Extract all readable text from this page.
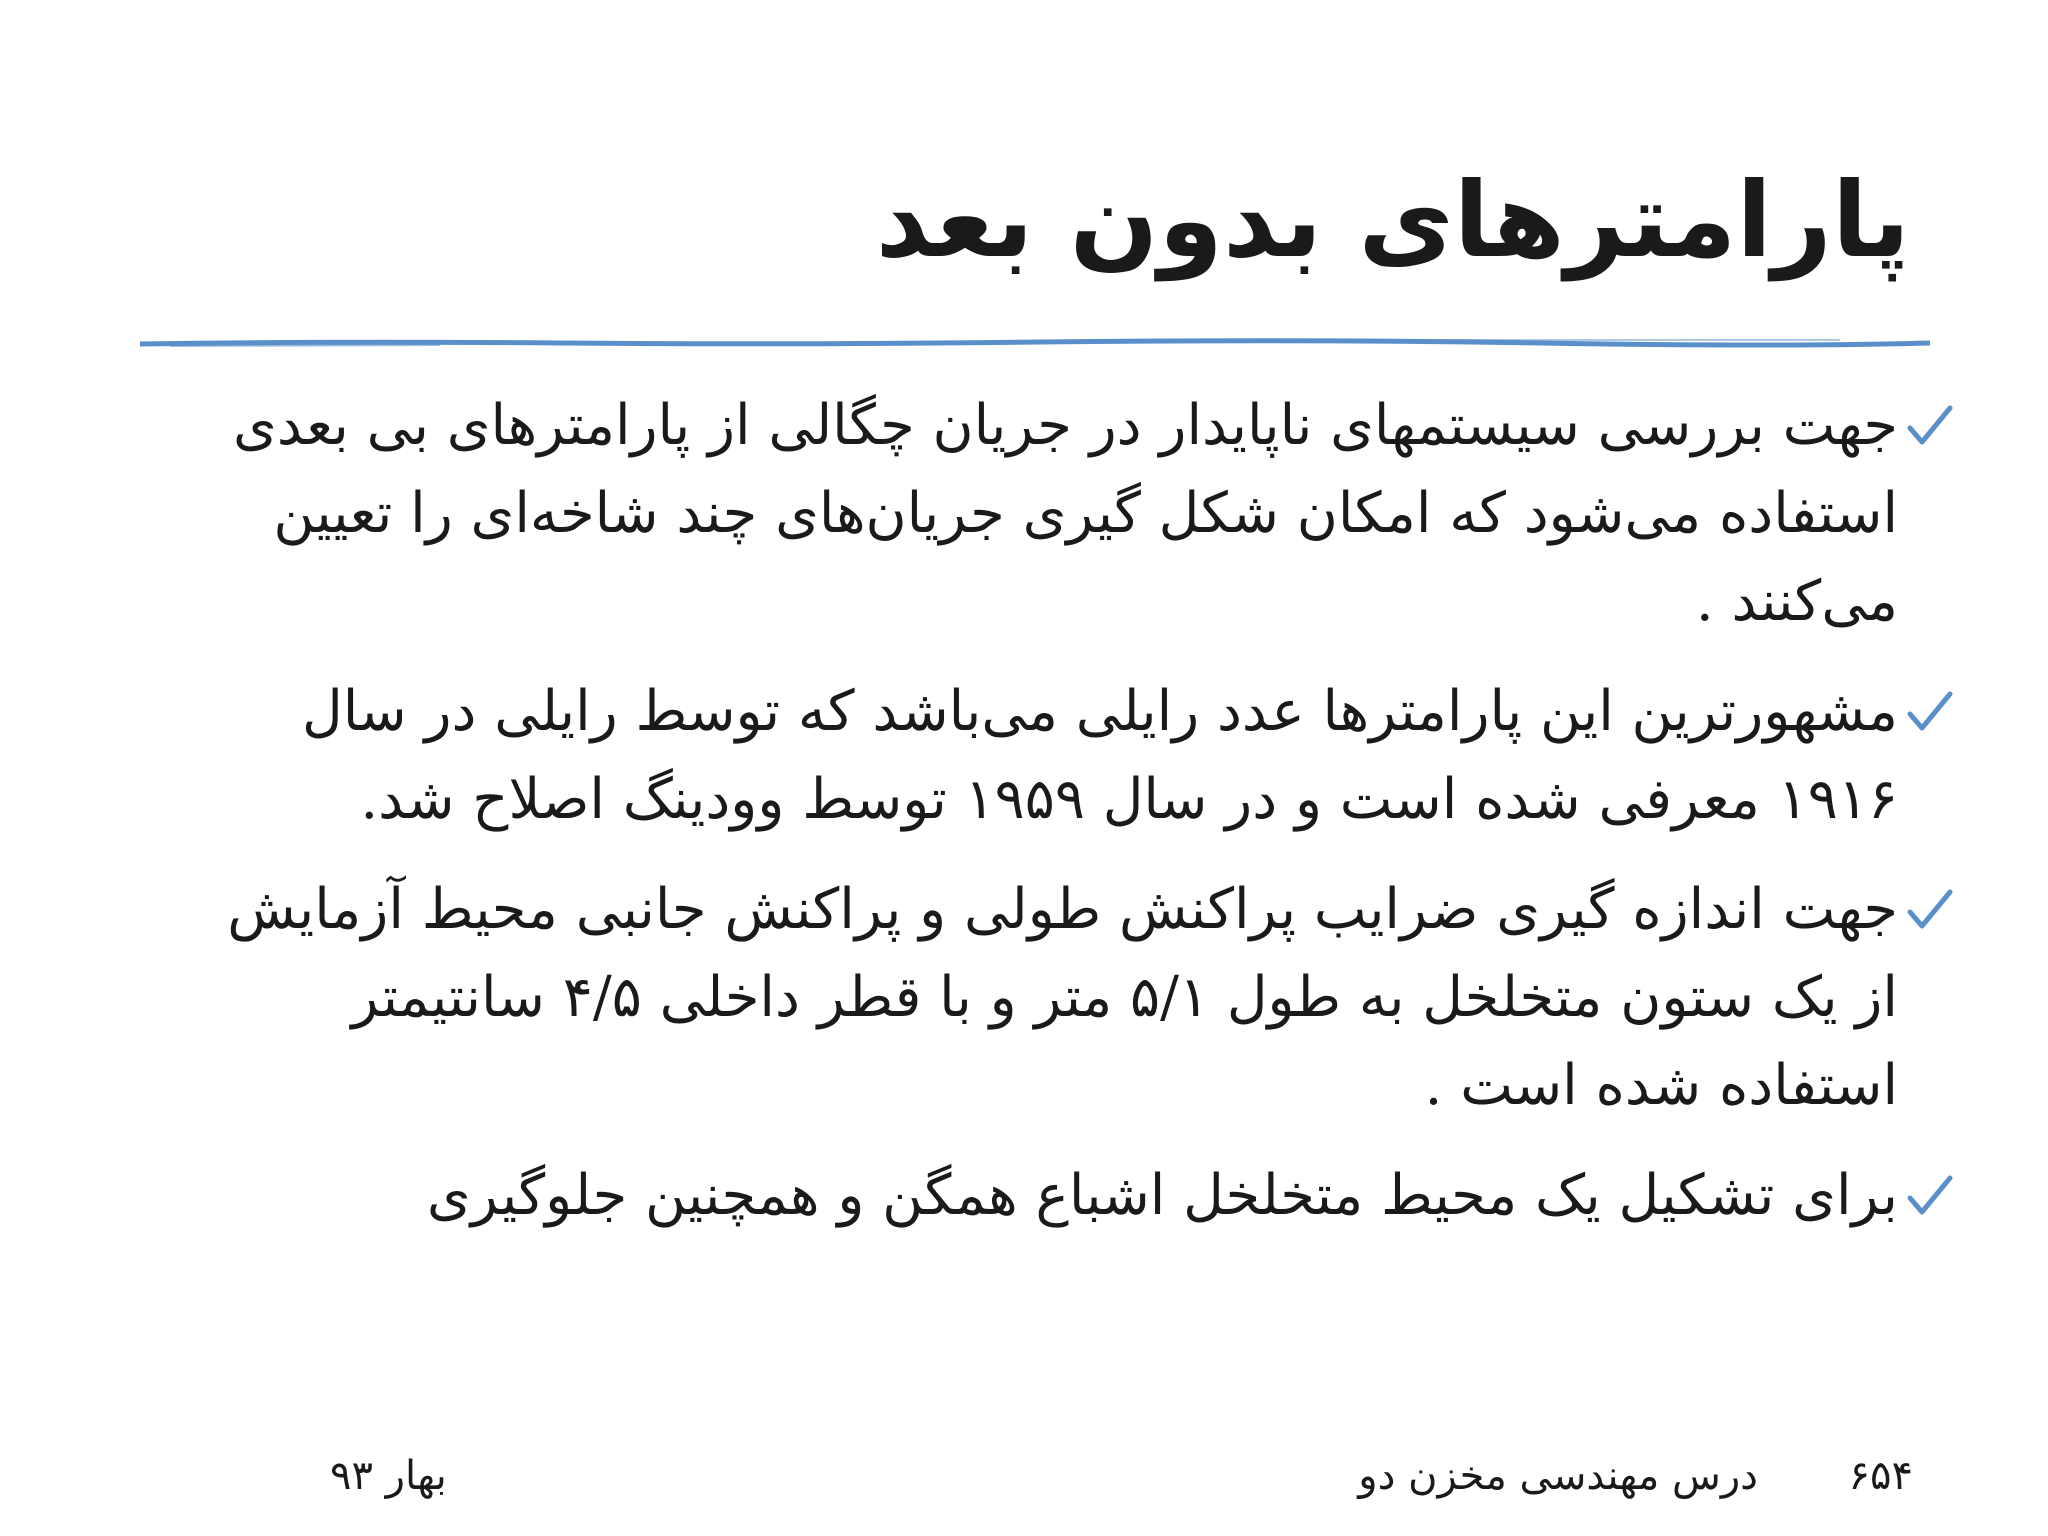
پارامترهای بدون بعد
جهت بررسی سیستمهای ناپایدار در جریان چگالی از پارامترهای بی بعدی استفاده می‌شود که امکان شکل گیری جریان‌های چند شاخه‌ای را تعیین می‌کنند .
مشهورترین این پارامترها عدد رایلی می‌باشد که توسط رایلی در سال ۱۹۱۶ معرفی شده است و در سال ۱۹۵۹ توسط وودینگ اصلاح شد.
جهت اندازه گیری ضرایب پراکنش طولی و پراکنش جانبی محیط آزمایش از یک ستون متخلخل به طول ۵/۱ متر و با قطر داخلی ۴/۵ سانتیمتر استفاده شده است .
برای تشکیل یک محیط متخلخل اشباع همگن و همچنین جلوگیری
۶۵۴
درس مهندسی مخزن دو
بهار ۹۳
